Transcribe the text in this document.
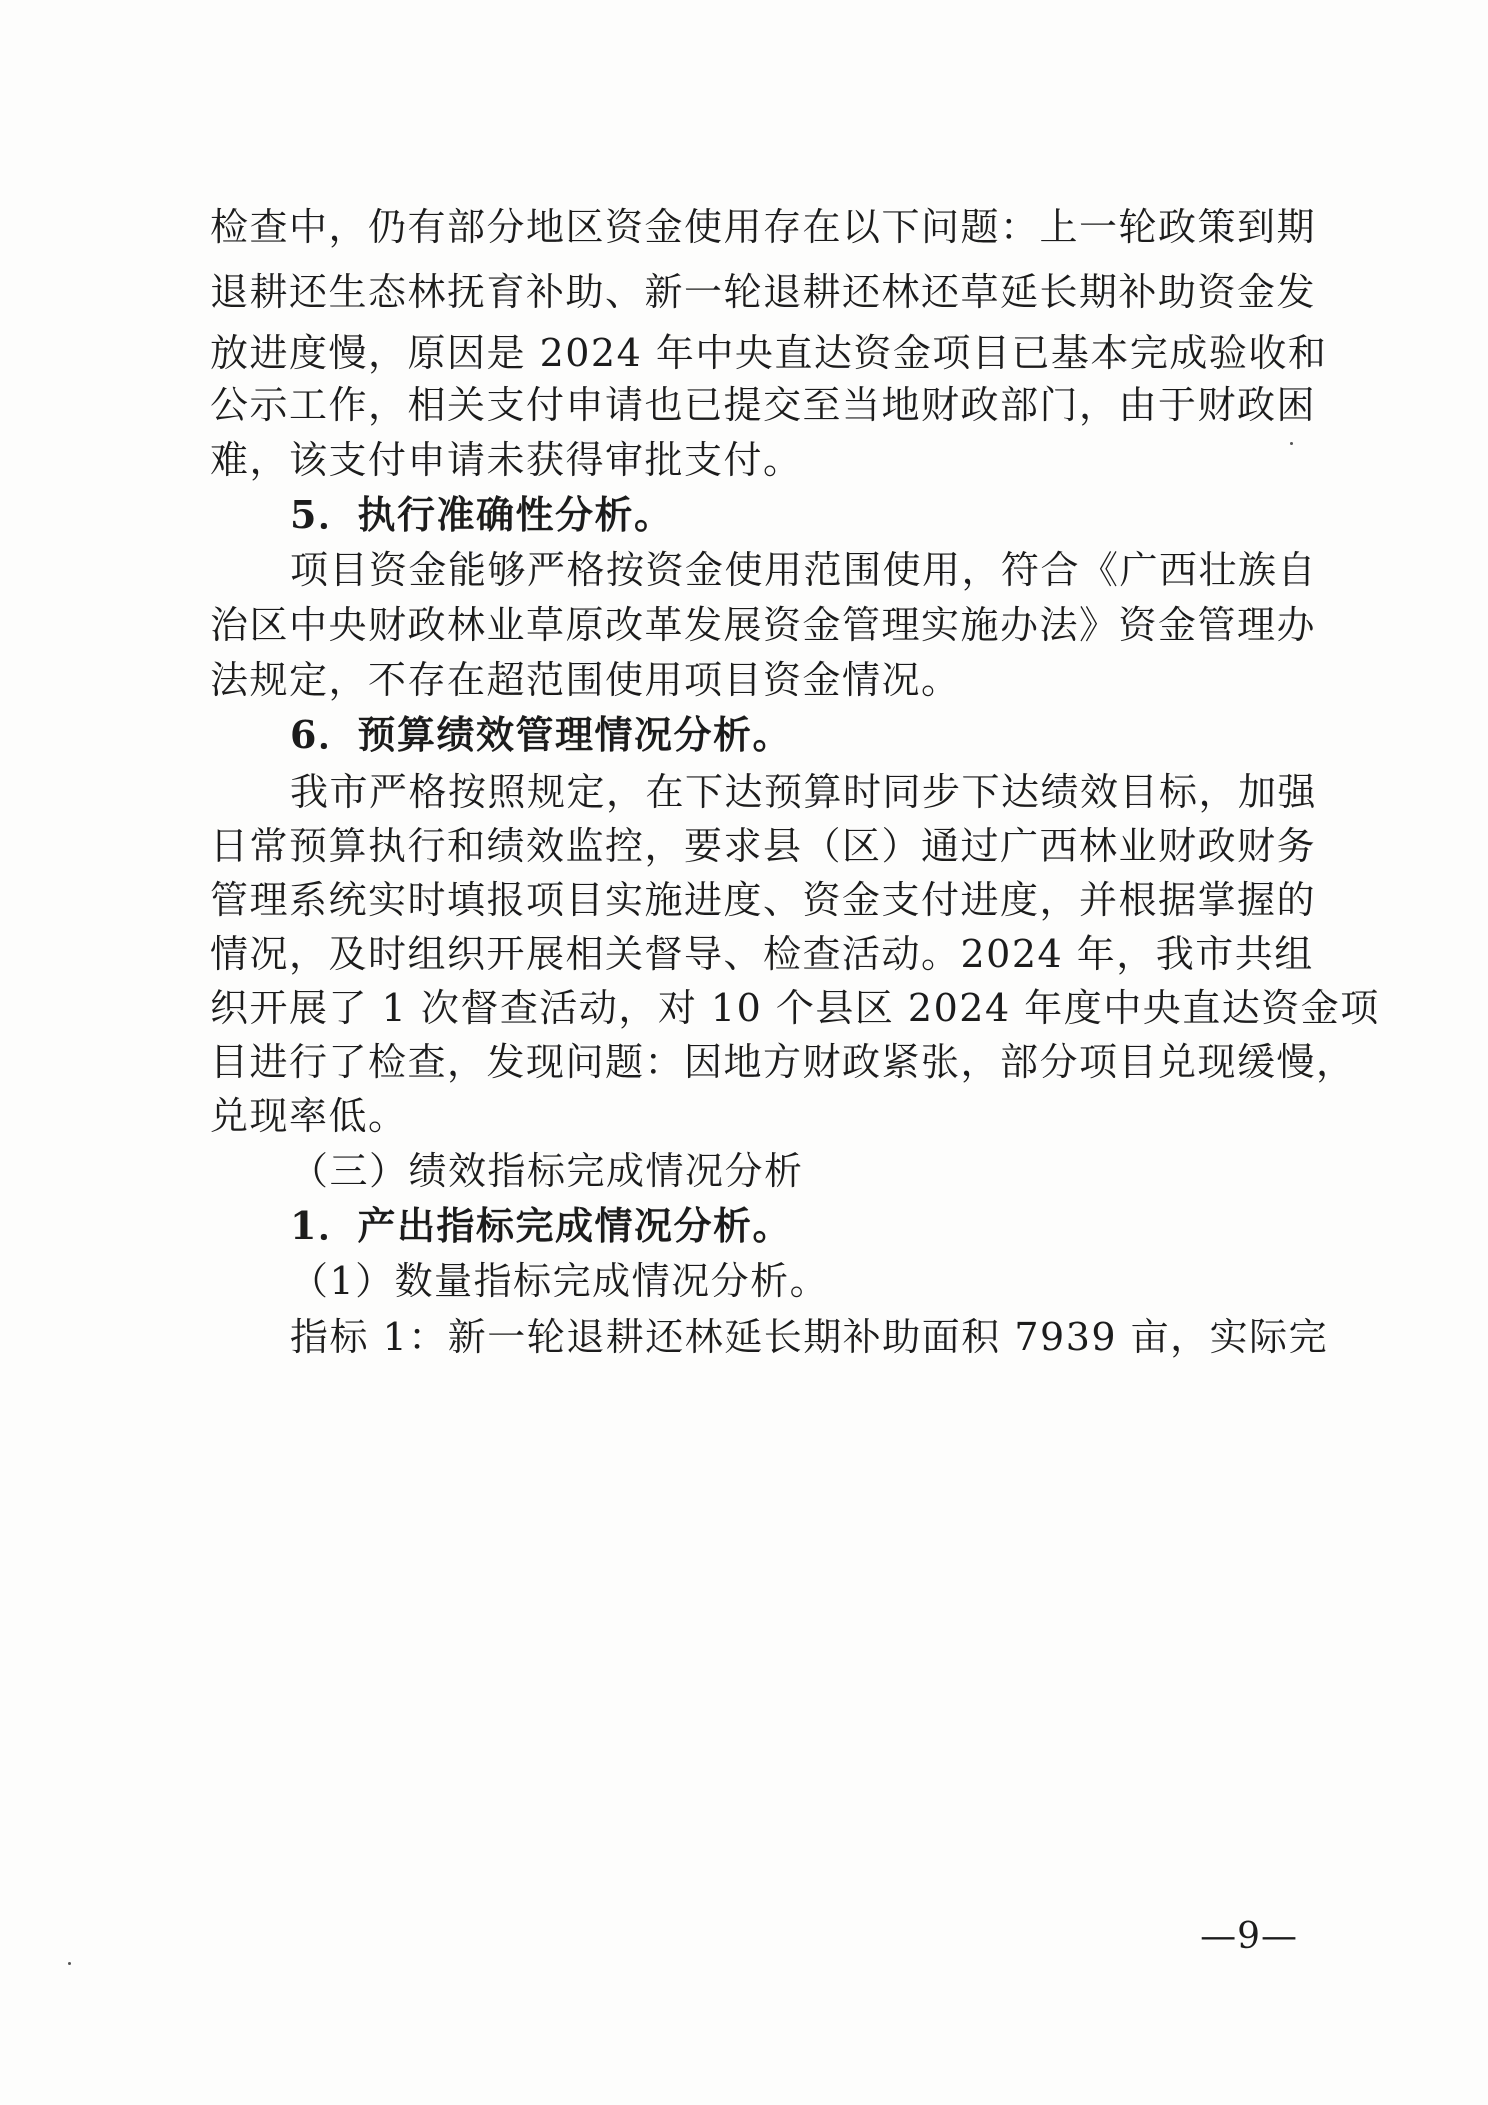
检查中，仍有部分地区资金使用存在以下问题：上一轮政策到期
退耕还生态林抚育补助、新一轮退耕还林还草延长期补助资金发
放进度慢，原因是 2024 年中央直达资金项目已基本完成验收和
公示工作，相关支付申请也已提交至当地财政部门，由于财政困
难，该支付申请未获得审批支付。
5．执行准确性分析。
项目资金能够严格按资金使用范围使用，符合《广西壮族自
治区中央财政林业草原改革发展资金管理实施办法》资金管理办
法规定，不存在超范围使用项目资金情况。
6．预算绩效管理情况分析。
我市严格按照规定，在下达预算时同步下达绩效目标，加强
日常预算执行和绩效监控，要求县（区）通过广西林业财政财务
管理系统实时填报项目实施进度、资金支付进度，并根据掌握的
情况，及时组织开展相关督导、检查活动。2024 年，我市共组
织开展了 1 次督查活动，对 10 个县区 2024 年度中央直达资金项
目进行了检查，发现问题：因地方财政紧张，部分项目兑现缓慢，
兑现率低。
（三）绩效指标完成情况分析
1．产出指标完成情况分析。
（1）数量指标完成情况分析。
指标 1：新一轮退耕还林延长期补助面积 7939 亩，实际完
—9—
